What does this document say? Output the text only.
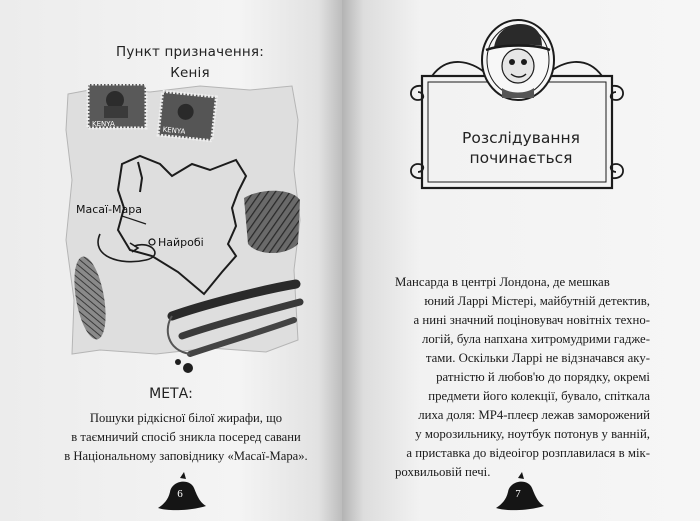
Пункт призначення:
Кенія
KENYA
KENYA
Масаї-Мара
Найробі
МЕТА:
Пошуки рідкісної білої жирафи, що
в таємничий спосіб зникла посеред савани
в Національному заповіднику «Масаї-Мара».
6
Розслідування
починається
Мансарда в центрі Лондона, де мешкав
юний Ларрі Містері, майбутній детектив,
а нині значний поціновувач новітніх техно-
логій, була напхана хитромудрими гадже-
тами. Оскільки Ларрі не відзначався аку-
ратністю й любов'ю до порядку, окремі
предмети його колекції, бувало, спіткала
лиха доля: MP4-плеєр лежав заморожений
у морозильнику, ноутбук потонув у ванній,
а приставка до відеоігор розплавилася в мік-
рохвильовій печі.
7
